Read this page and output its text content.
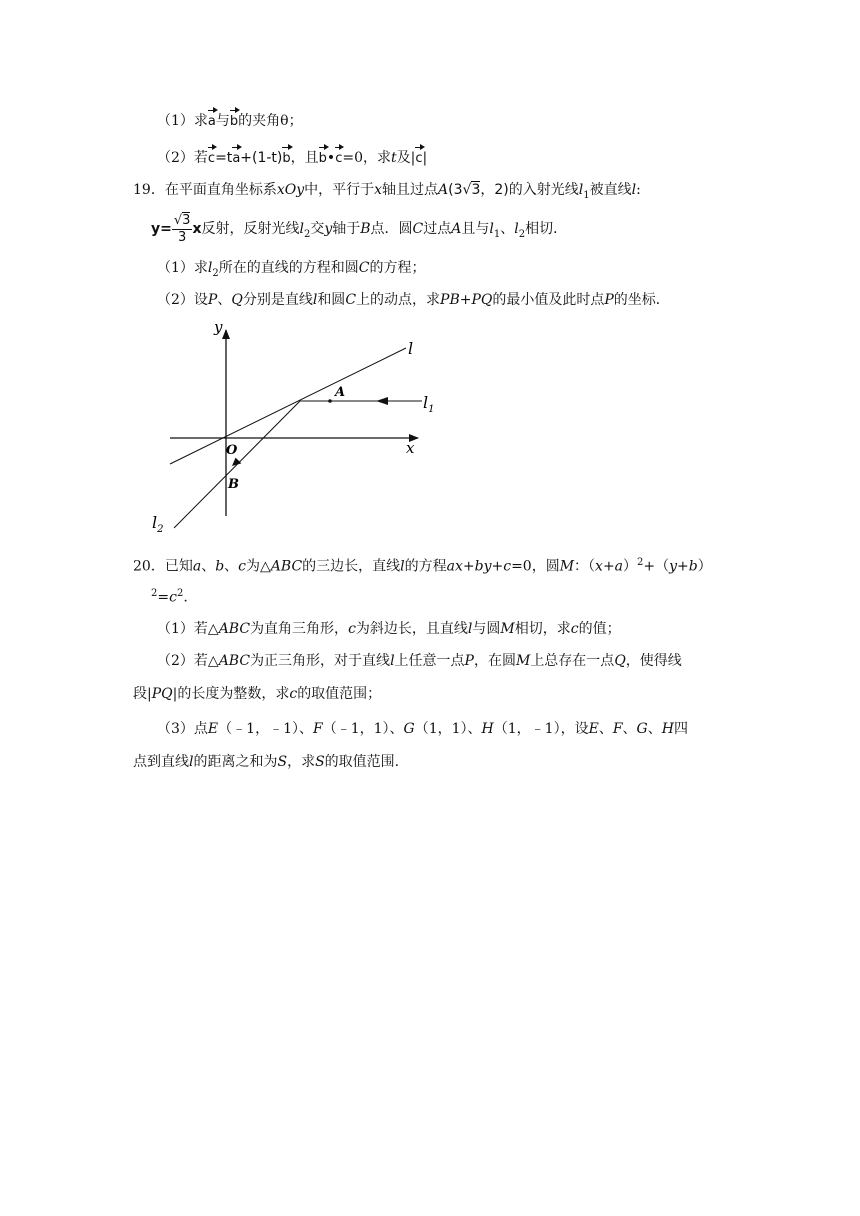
（1）求a与b的夹角θ；
（2）若c=ta+(1-t)b，且b•c=0，求t及|c|
19．在平面直角坐标系xOy中，平行于x轴且过点A(3√3，2)的入射光线$l_1$被直线l:
$y= \frac{√3}{3}$ x反射，反射光线$l_2$交y轴于B点．圆C过点A且与$l_1$、$l_2$相切．
（1）求$l_2$所在的直线的方程和圆C的方程；
（2）设P、Q分别是直线l和圆C上的动点，求PB+PQ的最小值及此时点P的坐标．
y
x
O
A
B
l
$l_1$
$l_2$
20．已知a、b、c为△ABC的三边长，直线l的方程ax+by+c=0，圆M：$(x+a)^2+(y+b)$
$^2=c^2$.
（1）若△ABC为直角三角形，c为斜边长，且直线l与圆M相切，求c的值；
（2）若△ABC为正三角形，对于直线l上任意一点P，在圆M上总存在一点Q，使得线
段|PQ|的长度为整数，求c的取值范围；
（3）点E（﹣1，﹣1）、F（﹣1，1）、G（1，1）、H（1，﹣1），设E、F、G、H四
点到直线l的距离之和为S，求S的取值范围.
